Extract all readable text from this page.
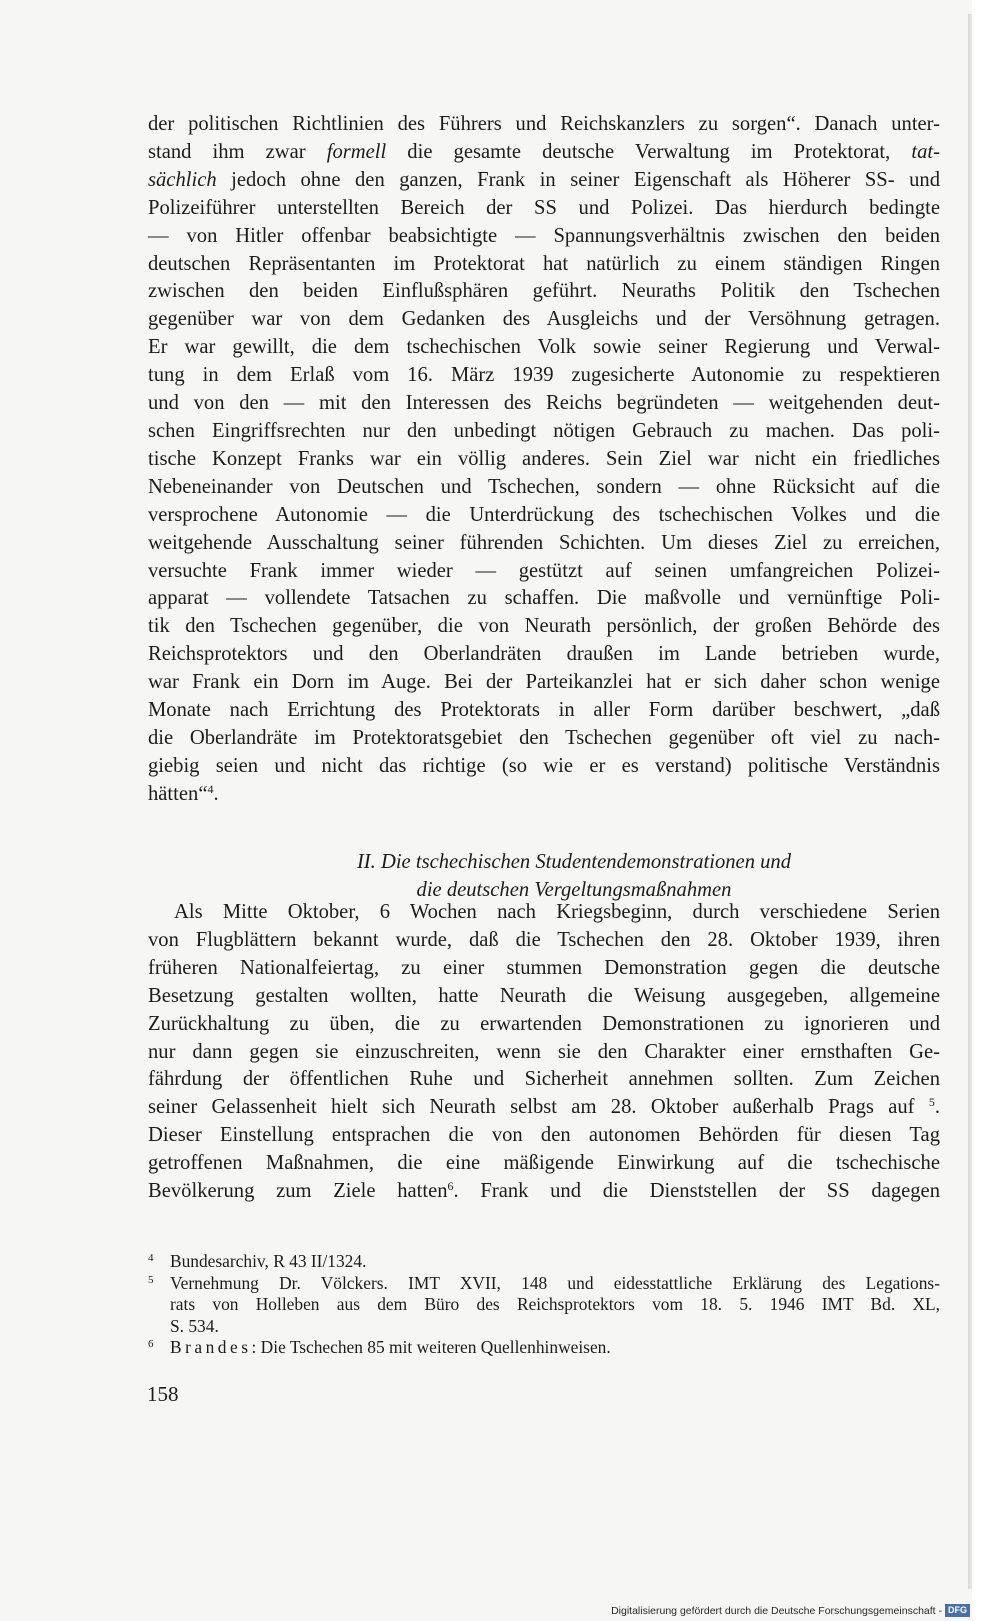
der politischen Richtlinien des Führers und Reichskanzlers zu sorgen“. Danach unter-
stand ihm zwar formell die gesamte deutsche Verwaltung im Protektorat, tat-
sächlich jedoch ohne den ganzen, Frank in seiner Eigenschaft als Höherer SS- und
Polizeiführer unterstellten Bereich der SS und Polizei. Das hierdurch bedingte
— von Hitler offenbar beabsichtigte — Spannungsverhältnis zwischen den beiden
deutschen Repräsentanten im Protektorat hat natürlich zu einem ständigen Ringen
zwischen den beiden Einflußsphären geführt. Neuraths Politik den Tschechen
gegenüber war von dem Gedanken des Ausgleichs und der Versöhnung getragen.
Er war gewillt, die dem tschechischen Volk sowie seiner Regierung und Verwal-
tung in dem Erlaß vom 16. März 1939 zugesicherte Autonomie zu respektieren
und von den — mit den Interessen des Reichs begründeten — weitgehenden deut-
schen Eingriffsrechten nur den unbedingt nötigen Gebrauch zu machen. Das poli-
tische Konzept Franks war ein völlig anderes. Sein Ziel war nicht ein friedliches
Nebeneinander von Deutschen und Tschechen, sondern — ohne Rücksicht auf die
versprochene Autonomie — die Unterdrückung des tschechischen Volkes und die
weitgehende Ausschaltung seiner führenden Schichten. Um dieses Ziel zu erreichen,
versuchte Frank immer wieder — gestützt auf seinen umfangreichen Polizei-
apparat — vollendete Tatsachen zu schaffen. Die maßvolle und vernünftige Poli-
tik den Tschechen gegenüber, die von Neurath persönlich, der großen Behörde des
Reichsprotektors und den Oberlandräten draußen im Lande betrieben wurde,
war Frank ein Dorn im Auge. Bei der Parteikanzlei hat er sich daher schon wenige
Monate nach Errichtung des Protektorats in aller Form darüber beschwert, „daß
die Oberlandräte im Protektoratsgebiet den Tschechen gegenüber oft viel zu nach-
giebig seien und nicht das richtige (so wie er es verstand) politische Verständnis
hätten“$^4$.
II. Die tschechischen Studentendemonstrationen und
die deutschen Vergeltungsmaßnahmen
Als Mitte Oktober, 6 Wochen nach Kriegsbeginn, durch verschiedene Serien
von Flugblättern bekannt wurde, daß die Tschechen den 28. Oktober 1939, ihren
früheren Nationalfeiertag, zu einer stummen Demonstration gegen die deutsche
Besetzung gestalten wollten, hatte Neurath die Weisung ausgegeben, allgemeine
Zurückhaltung zu üben, die zu erwartenden Demonstrationen zu ignorieren und
nur dann gegen sie einzuschreiten, wenn sie den Charakter einer ernsthaften Ge-
fährdung der öffentlichen Ruhe und Sicherheit annehmen sollten. Zum Zeichen
seiner Gelassenheit hielt sich Neurath selbst am 28. Oktober außerhalb Prags auf $^5$.
Dieser Einstellung entsprachen die von den autonomen Behörden für diesen Tag
getroffenen Maßnahmen, die eine mäßigende Einwirkung auf die tschechische
Bevölkerung zum Ziele hatten$^6$. Frank und die Dienststellen der SS dagegen
4 Bundesarchiv, R 43 II/1324.
5 Vernehmung Dr. Völckers. IMT XVII, 148 und eidesstattliche Erklärung des Legations-
rats von Holleben aus dem Büro des Reichsprotektors vom 18. 5. 1946 IMT Bd. XL,
S. 534.
6 Brandes: Die Tschechen 85 mit weiteren Quellenhinweisen.
158
Digitalisierung gefördert durch die Deutsche Forschungsgemeinschaft - DFG
